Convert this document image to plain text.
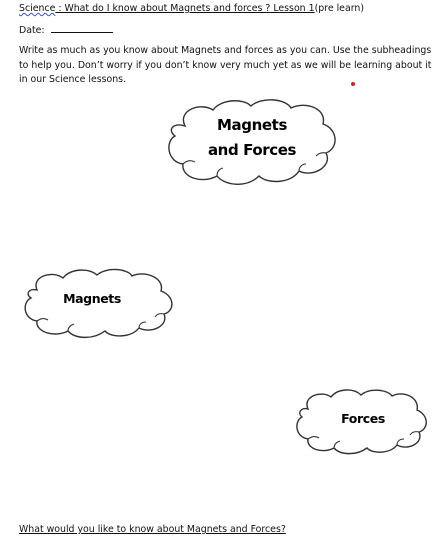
Science : What do I know about Magnets and forces ? Lesson 1(pre learn)
Date:
Write as much as you know about Magnets and forces as you can. Use the subheadings to help you. Don’t worry if you don’t know very much yet as we will be learning about it in our Science lessons.
Magnets
and Forces
Magnets
Forces
What would you like to know about Magnets and Forces?
